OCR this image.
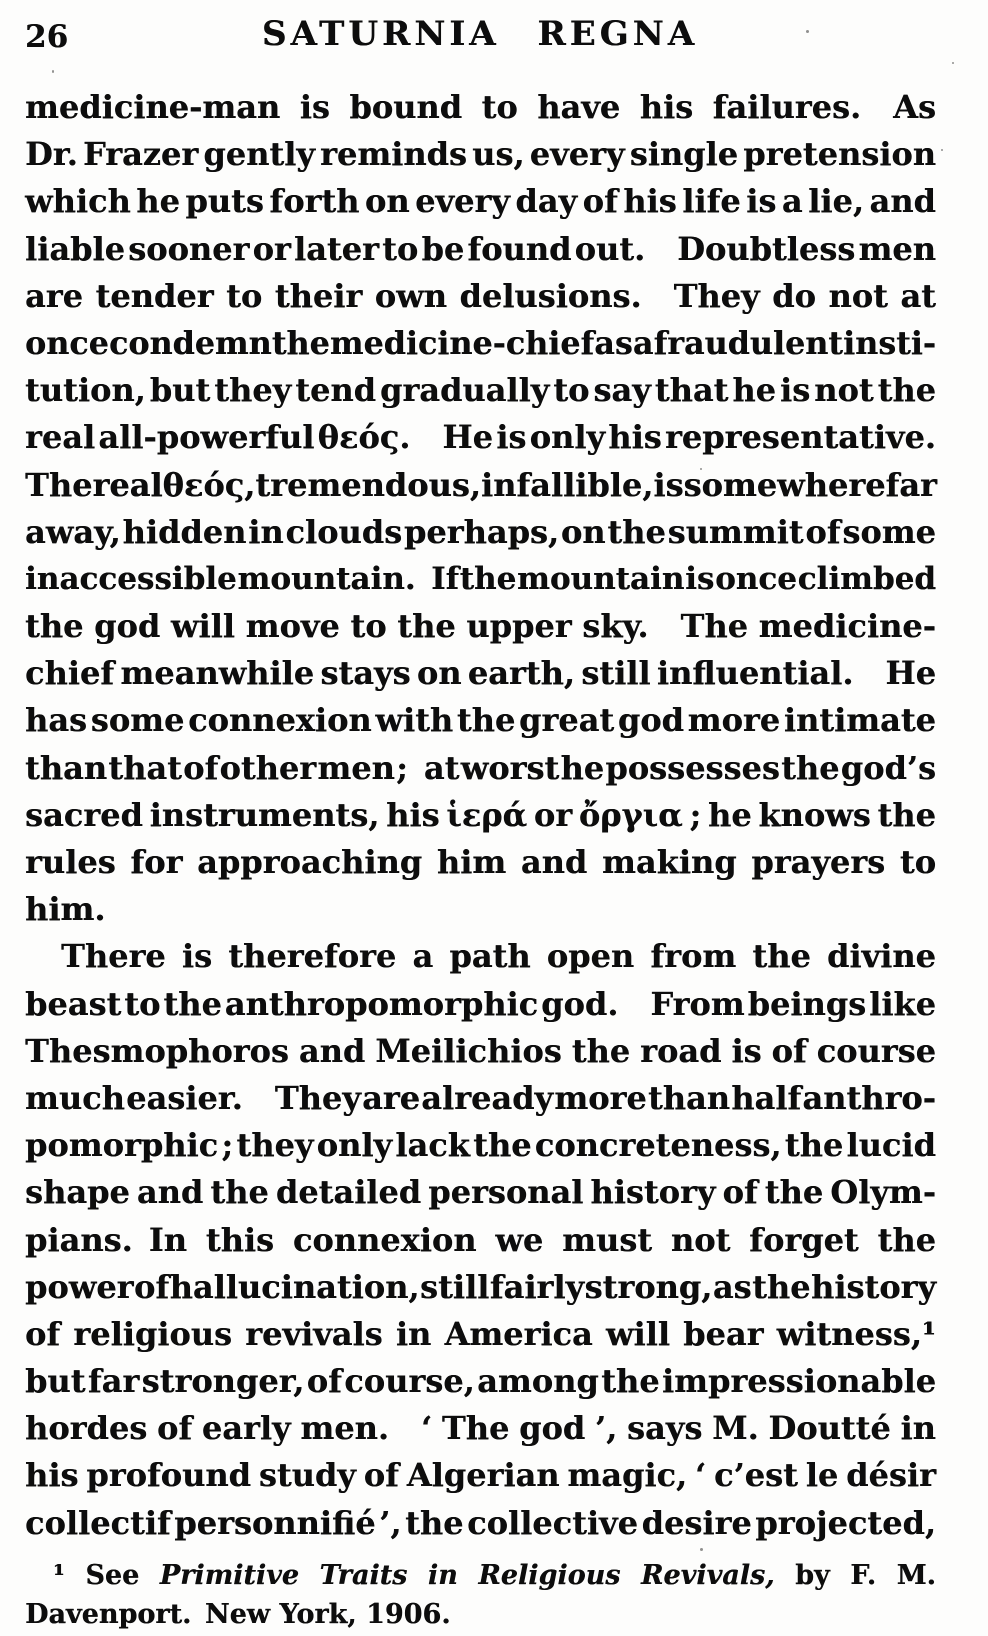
26	SATURNIA REGNA
medicine-man is bound to have his failures. As
Dr. Frazer gently reminds us, every single pretension
which he puts forth on every day of his life is a lie, and
liable sooner or later to be found out. Doubtless men
are tender to their own delusions. They do not at
once condemn the medicine-chief as a fraudulent insti-
tution, but they tend gradually to say that he is not the
real all-powerful θεός. He is only his representative.
The real θεός, tremendous, infallible, is somewhere far
away, hidden in clouds perhaps, on the summit of some
inaccessible mountain. If the mountain is once climbed
the god will move to the upper sky. The medicine-
chief meanwhile stays on earth, still influential. He
has some connexion with the great god more intimate
than that of other men ; at worst he possesses the god’s
sacred instruments, his ἱερά or ὄργια ; he knows the
rules for approaching him and making prayers to
him.
There is therefore a path open from the divine
beast to the anthropomorphic god. From beings like
Thesmophoros and Meilichios the road is of course
much easier. They are already more than half anthro-
pomorphic ; they only lack the concreteness, the lucid
shape and the detailed personal history of the Olym-
pians. In this connexion we must not forget the
power of hallucination, still fairly strong, as the history
of religious revivals in America will bear witness,¹
but far stronger, of course, among the impressionable
hordes of early men. ‘ The god ’, says M. Doutté in
his profound study of Algerian magic, ‘ c’est le désir
collectif personnifié ’, the collective desire projected,
¹ See Primitive Traits in Religious Revivals, by F. M.
Davenport. New York, 1906.
